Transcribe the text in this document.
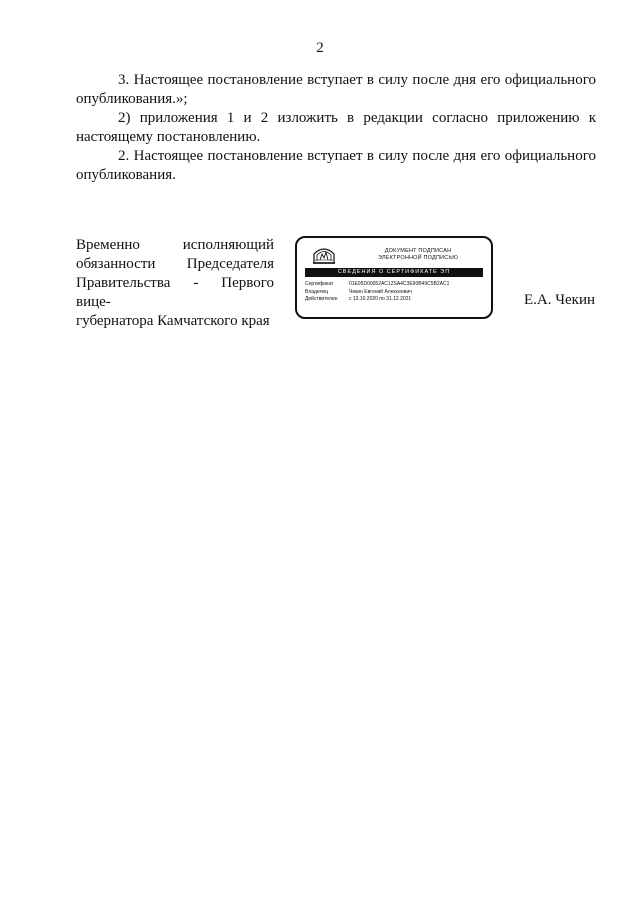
2

3. Настоящее постановление вступает в силу после дня его официального опубликования.»;

2) приложения 1 и 2 изложить в редакции согласно приложению к настоящему постановлению.

2. Настоящее постановление вступает в силу после дня его официального опубликования.

Временно исполняющий
обязанности Председателя
Правительства - Первого вице-
губернатора Камчатского края
ДОКУМЕНТ ПОДПИСАН
ЭЛЕКТРОННОЙ ПОДПИСЬЮ
СВЕДЕНИЯ О СЕРТИФИКАТЕ ЭП
Сертификат	01E95D00052AC12SA4C3E90B49C5B2AC1
Владелец	Чекин Евгений Алексеевич
Действителен	с 13.10.2020 по 31.12.2021	Е.А. Чекин
